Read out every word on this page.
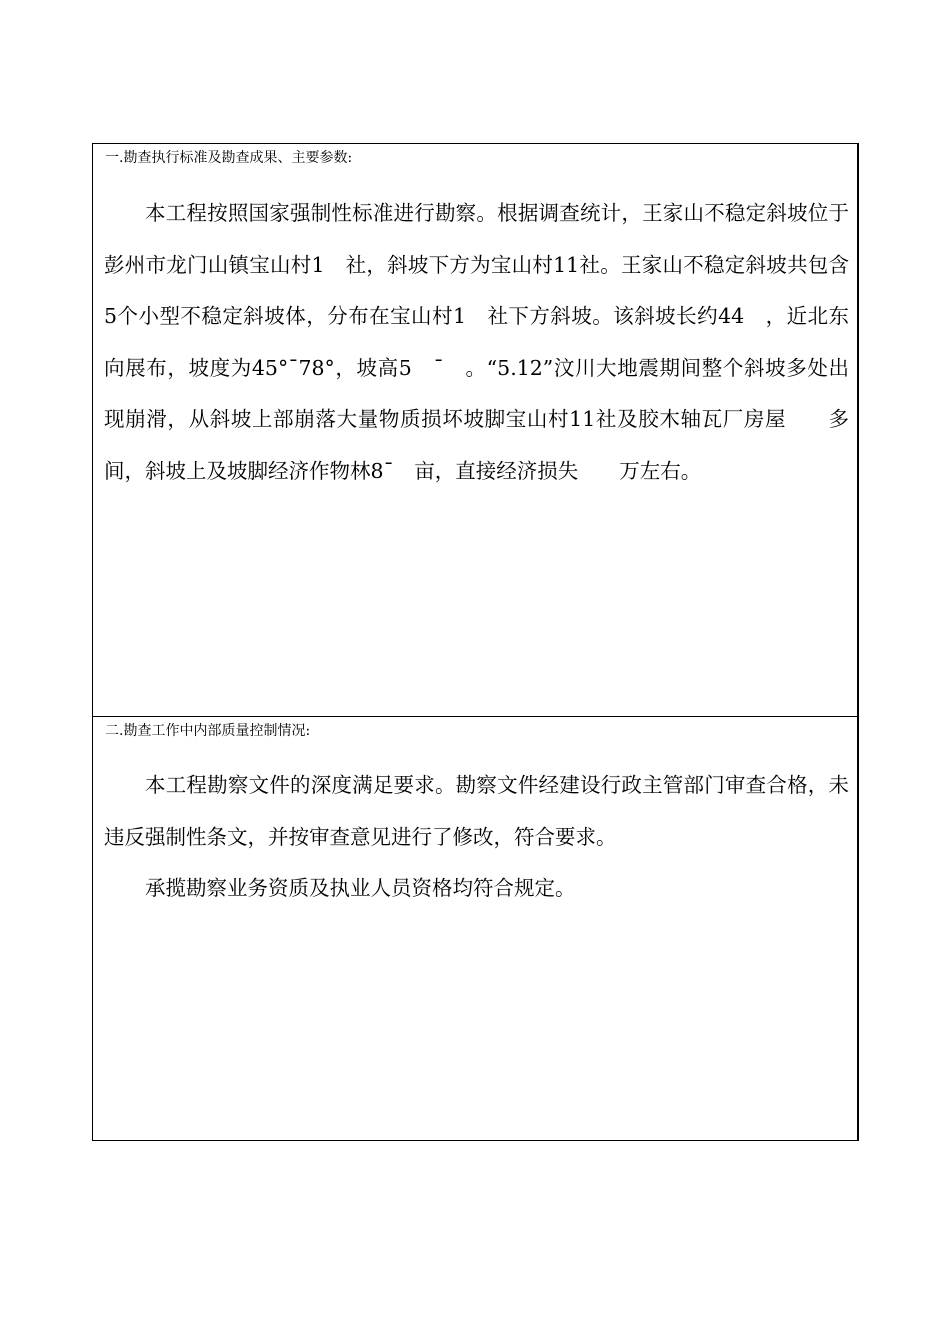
一.勘查执行标准及勘查成果、主要参数:

本工程按照国家强制性标准进行勘察。根据调查统计，王家山不稳定斜坡位于彭州市龙门山镇宝山村1　社，斜坡下方为宝山村11社。王家山不稳定斜坡共包含5个小型不稳定斜坡体，分布在宝山村1　社下方斜坡。该斜坡长约44　，近北东向展布，坡度为45°¯78°，坡高5　¯　。“5.12”汶川大地震期间整个斜坡多处出现崩滑，从斜坡上部崩落大量物质损坏坡脚宝山村11社及胶木轴瓦厂房屋　　多间，斜坡上及坡脚经济作物林8¯　亩，直接经济损失　　万左右。

二.勘查工作中内部质量控制情况:

本工程勘察文件的深度满足要求。勘察文件经建设行政主管部门审查合格，未违反强制性条文，并按审查意见进行了修改，符合要求。

承揽勘察业务资质及执业人员资格均符合规定。
